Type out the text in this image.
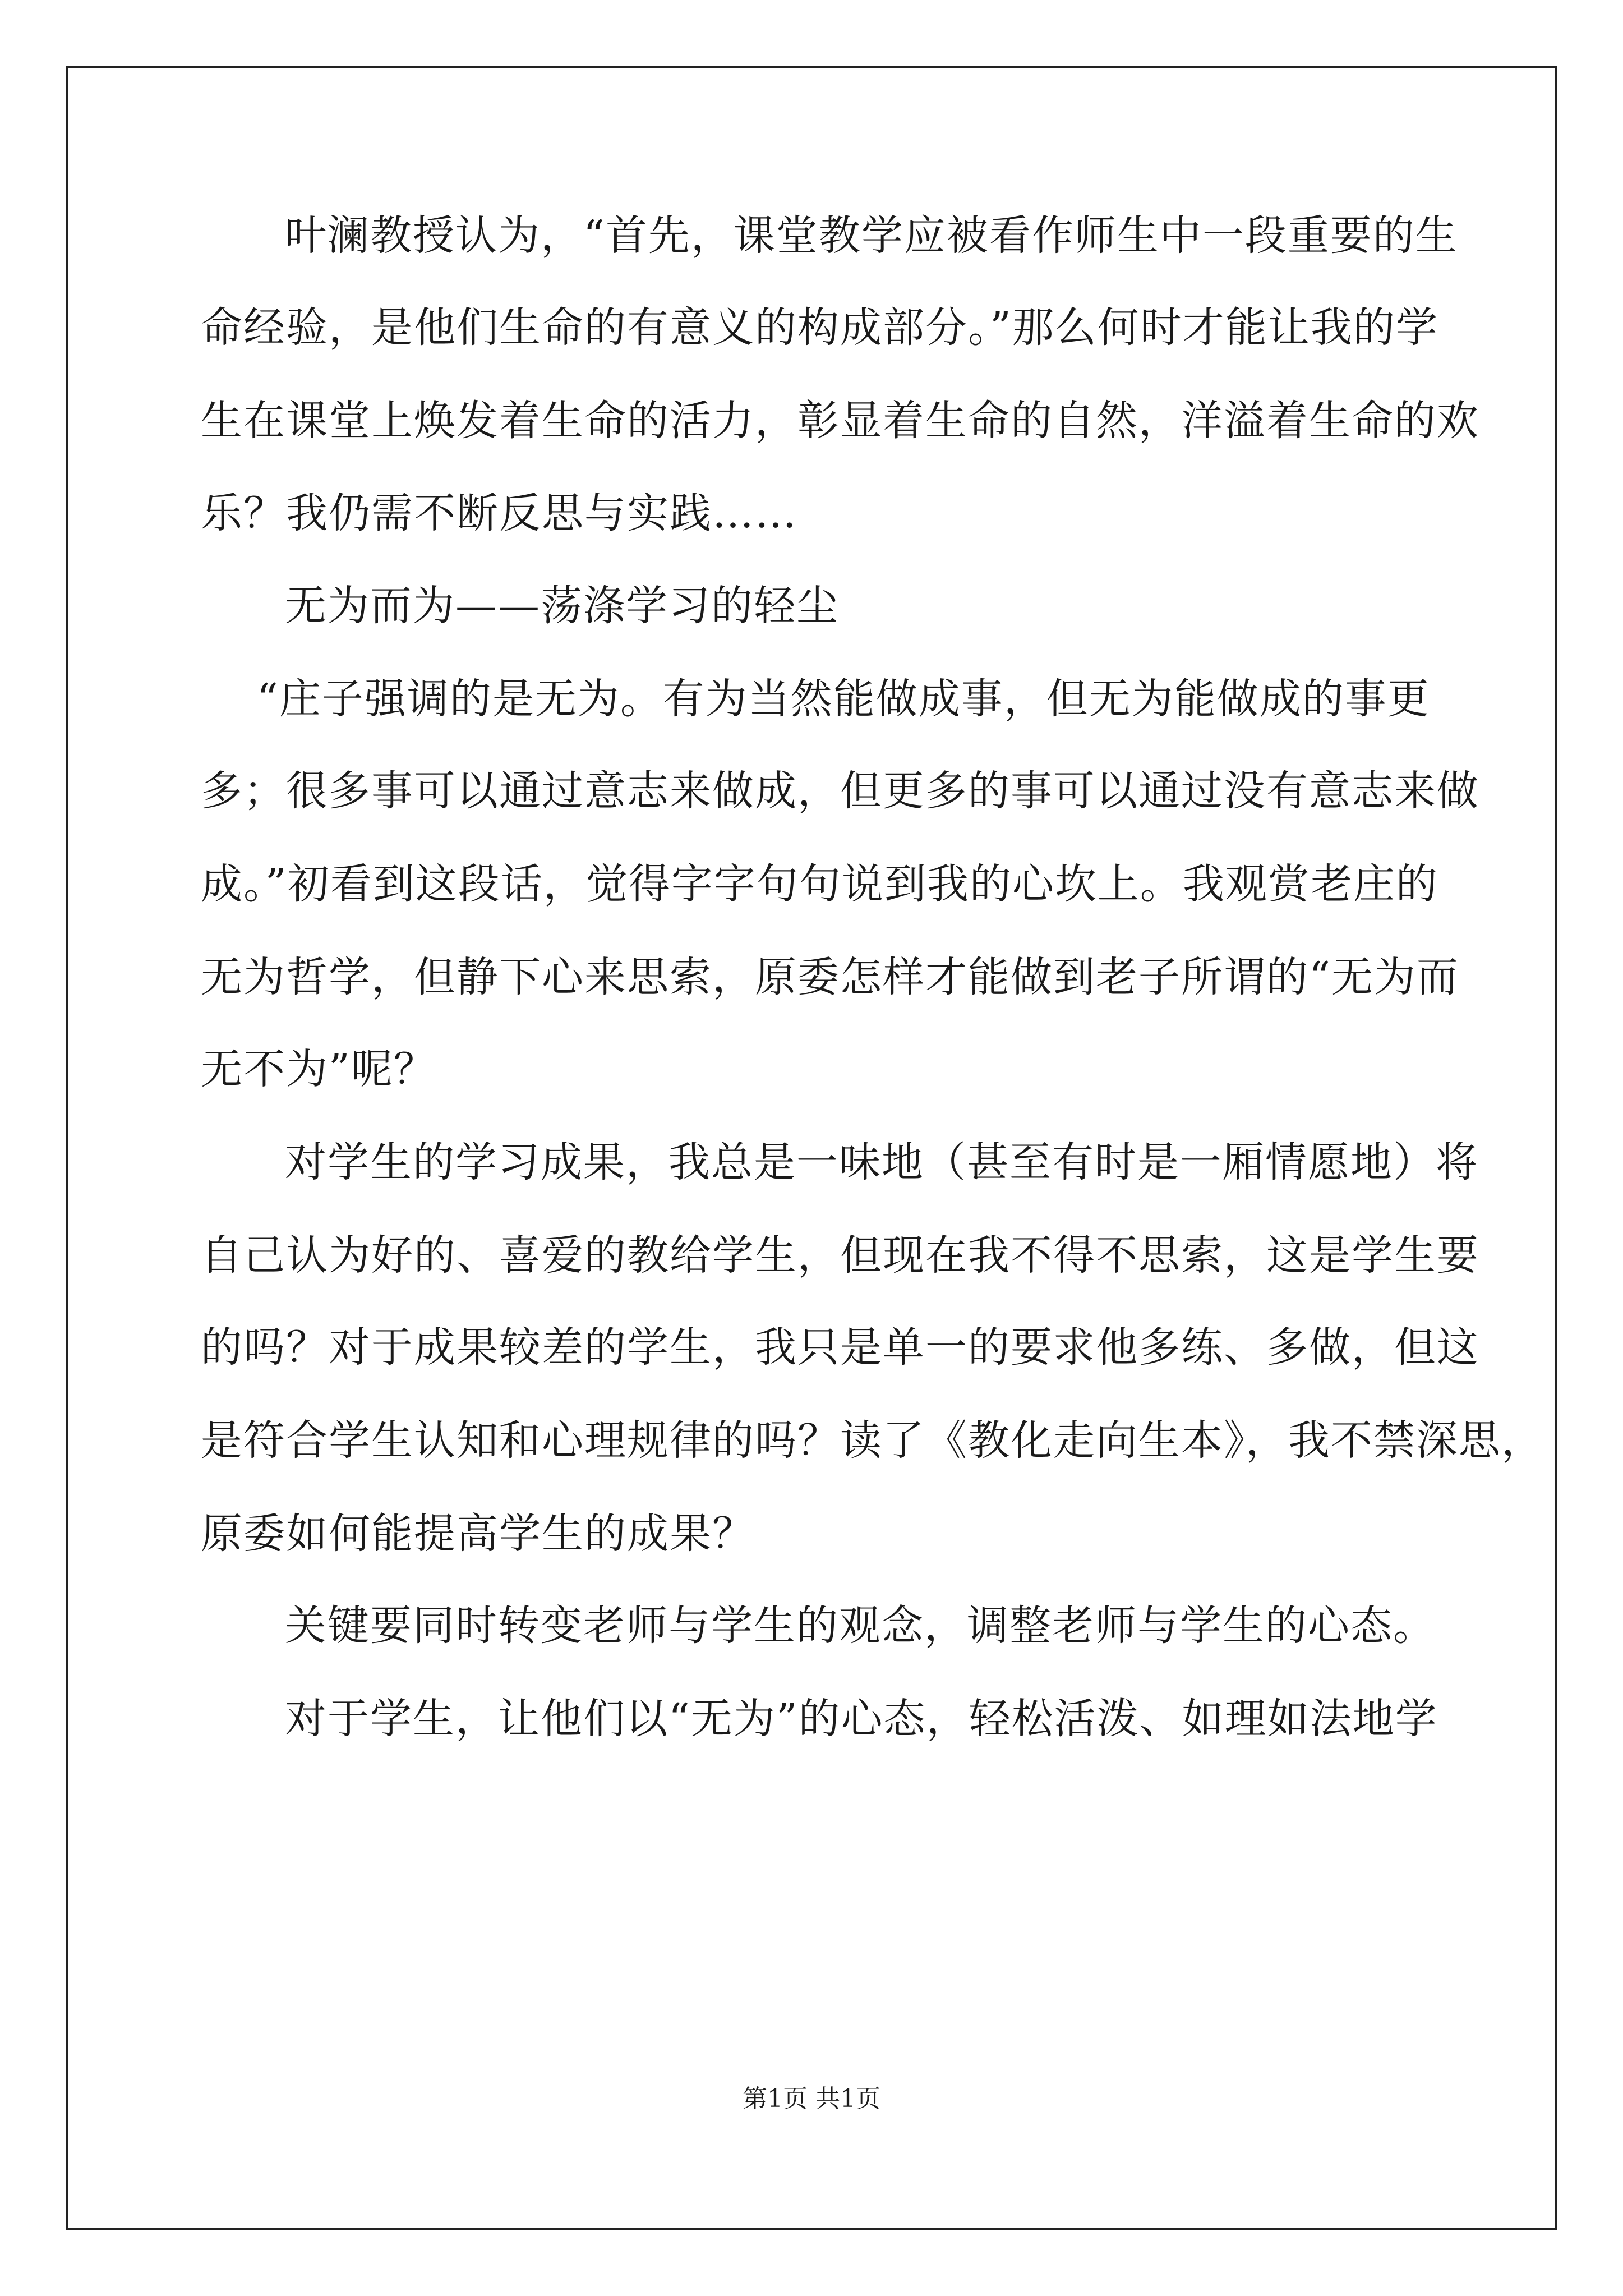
叶澜教授认为，“首先，课堂教学应被看作师生中一段重要的生
命经验，是他们生命的有意义的构成部分。”那么何时才能让我的学
生在课堂上焕发着生命的活力，彰显着生命的自然，洋溢着生命的欢
乐？我仍需不断反思与实践……
无为而为——荡涤学习的轻尘
“庄子强调的是无为。有为当然能做成事，但无为能做成的事更
多；很多事可以通过意志来做成，但更多的事可以通过没有意志来做
成。”初看到这段话，觉得字字句句说到我的心坎上。我观赏老庄的
无为哲学，但静下心来思索，原委怎样才能做到老子所谓的“无为而
无不为”呢？
对学生的学习成果，我总是一味地（甚至有时是一厢情愿地）将
自己认为好的、喜爱的教给学生，但现在我不得不思索，这是学生要
的吗？对于成果较差的学生，我只是单一的要求他多练、多做，但这
是符合学生认知和心理规律的吗？读了《教化走向生本》，我不禁深思，
原委如何能提高学生的成果？
关键要同时转变老师与学生的观念，调整老师与学生的心态。
对于学生，让他们以“无为”的心态，轻松活泼、如理如法地学
第1页 共1页
